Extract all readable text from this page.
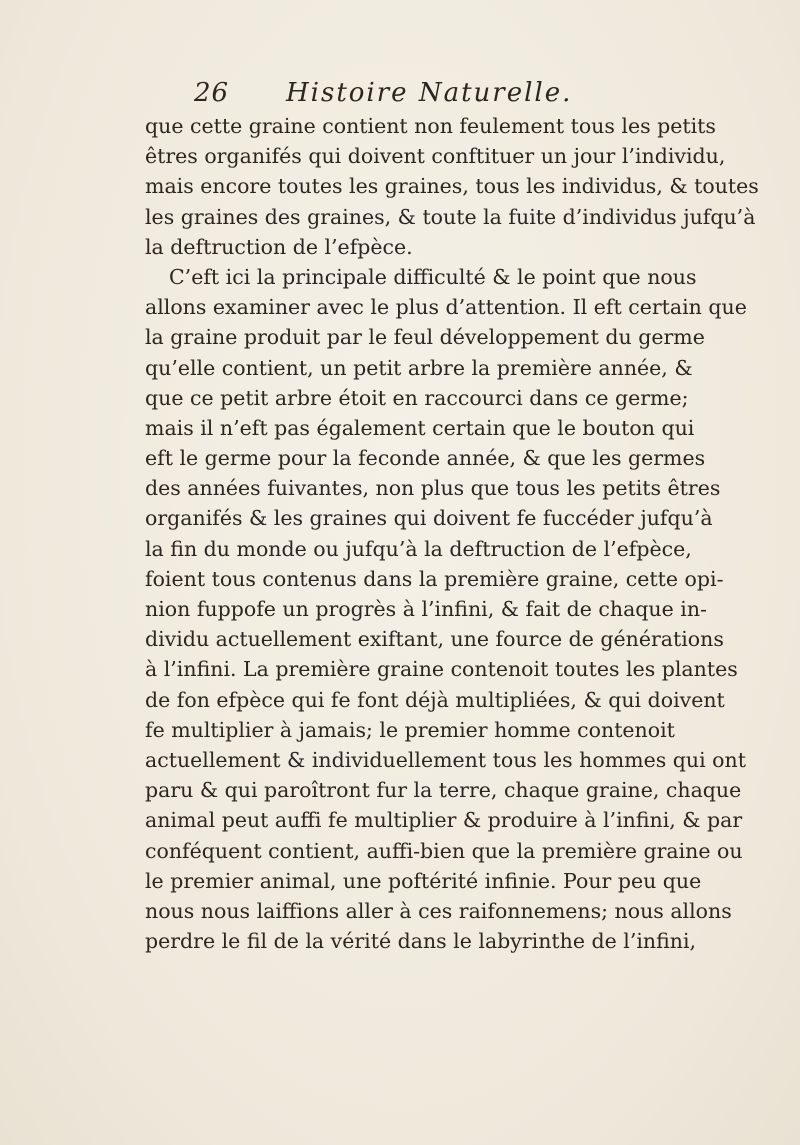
26 Histoire Naturelle.
que cette graine contient non feulement tous les petits
êtres organifés qui doivent conftituer un jour l’individu,
mais encore toutes les graines, tous les individus, & toutes
les graines des graines, & toute la fuite d’individus jufqu’à
la deftruction de l’efpèce.
C’eft ici la principale difficulté & le point que nous
allons examiner avec le plus d’attention. Il eft certain que
la graine produit par le feul développement du germe
qu’elle contient, un petit arbre la première année, &
que ce petit arbre étoit en raccourci dans ce germe;
mais il n’eft pas également certain que le bouton qui
eft le germe pour la feconde année, & que les germes
des années fuivantes, non plus que tous les petits êtres
organifés & les graines qui doivent fe fuccéder jufqu’à
la fin du monde ou jufqu’à la deftruction de l’efpèce,
foient tous contenus dans la première graine, cette opi-
nion fuppofe un progrès à l’infini, & fait de chaque in-
dividu actuellement exiftant, une fource de générations
à l’infini. La première graine contenoit toutes les plantes
de fon efpèce qui fe font déjà multipliées, & qui doivent
fe multiplier à jamais; le premier homme contenoit
actuellement & individuellement tous les hommes qui ont
paru & qui paroîtront fur la terre, chaque graine, chaque
animal peut auffi fe multiplier & produire à l’infini, & par
conféquent contient, auffi-bien que la première graine ou
le premier animal, une poftérité infinie. Pour peu que
nous nous laiffions aller à ces raifonnemens; nous allons
perdre le fil de la vérité dans le labyrinthe de l’infini,
